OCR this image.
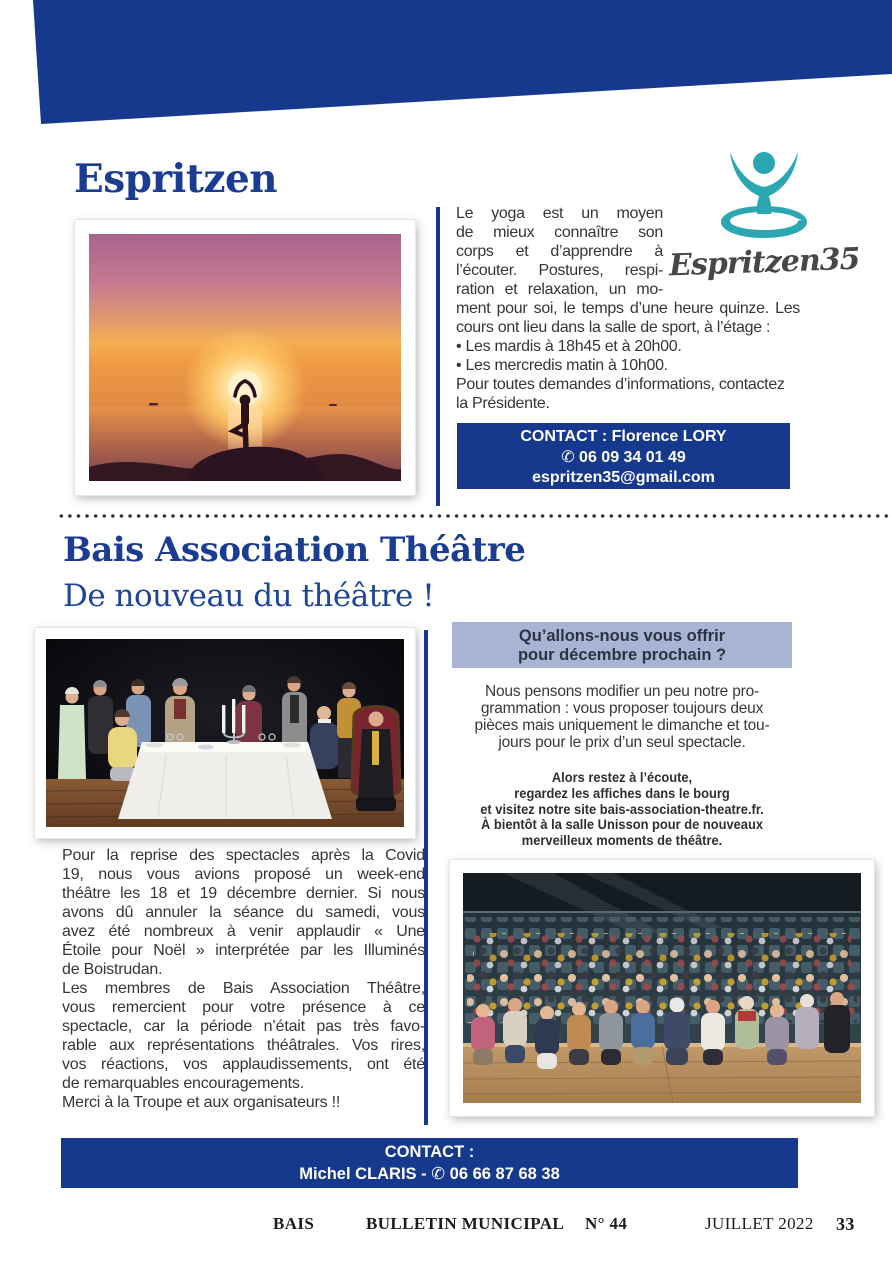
Espritzen
Espritzen35
Le yoga est un moyen
de mieux connaître son
corps et d’apprendre à
l’écouter. Postures, respi-
ration et relaxation, un mo-
ment pour soi, le temps d’une heure quinze. Les
cours ont lieu dans la salle de sport, à l’étage :
• Les mardis à 18h45 et à 20h00.
• Les mercredis matin à 10h00.
Pour toutes demandes d’informations, contactez
la Présidente.
CONTACT : Florence LORY
✆ 06 09 34 01 49
espritzen35@gmail.com
Bais Association Théâtre
De nouveau du théâtre !
Qu’allons-nous vous offrir
pour décembre prochain ?
Nous pensons modifier un peu notre pro-
grammation : vous proposer toujours deux
pièces mais uniquement le dimanche et tou-
jours pour le prix d’un seul spectacle.
Alors restez à l’écoute,
regardez les affiches dans le bourg
et visitez notre site bais-association-theatre.fr.
À bientôt à la salle Unisson pour de nouveaux
merveilleux moments de théâtre.
Pour la reprise des spectacles après la Covid
19, nous vous avions proposé un week-end
théâtre les 18 et 19 décembre dernier. Si nous
avons dû annuler la séance du samedi, vous
avez été nombreux à venir applaudir « Une
Étoile pour Noël » interprétée par les Illuminés
de Boistrudan.
Les membres de Bais Association Théâtre,
vous remercient pour votre présence à ce
spectacle, car la période n’était pas très favo-
rable aux représentations théâtrales. Vos rires,
vos réactions, vos applaudissements, ont été
de remarquables encouragements.
Merci à la Troupe et aux organisateurs !!
CONTACT :
Michel CLARIS - ✆ 06 66 87 68 38
BAIS	BULLETIN MUNICIPAL N° 44	JUILLET 2022 33
